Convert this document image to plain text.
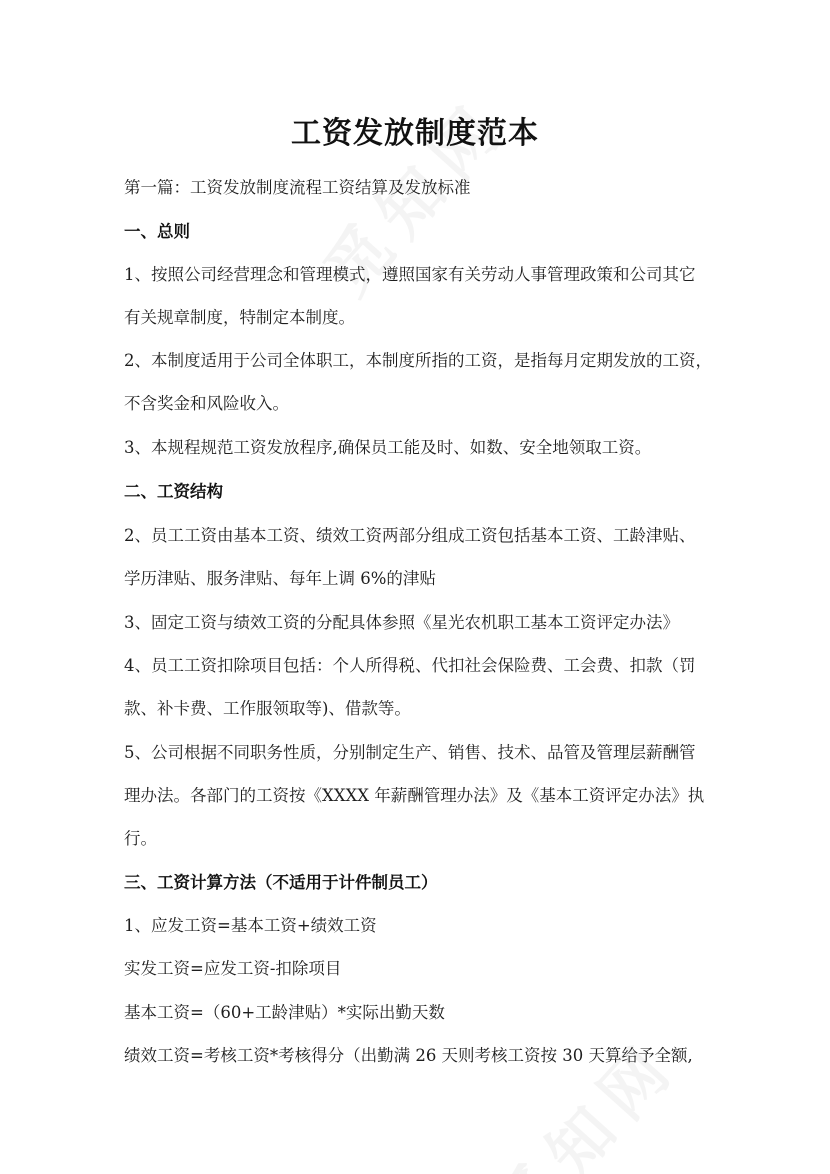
工资发放制度范本
第一篇：工资发放制度流程工资结算及发放标准
一、总则
1、按照公司经营理念和管理模式，遵照国家有关劳动人事管理政策和公司其它
有关规章制度，特制定本制度。
2、本制度适用于公司全体职工，本制度所指的工资，是指每月定期发放的工资，
不含奖金和风险收入。
3、本规程规范工资发放程序,确保员工能及时、如数、安全地领取工资。
二、工资结构
2、员工工资由基本工资、绩效工资两部分组成工资包括基本工资、工龄津贴、
学历津贴、服务津贴、每年上调 6%的津贴
3、固定工资与绩效工资的分配具体参照《星光农机职工基本工资评定办法》
4、员工工资扣除项目包括：个人所得税、代扣社会保险费、工会费、扣款（罚
款、补卡费、工作服领取等)、借款等。
5、公司根据不同职务性质，分别制定生产、销售、技术、品管及管理层薪酬管
理办法。各部门的工资按《XXXX 年薪酬管理办法》及《基本工资评定办法》执
行。
三、工资计算方法（不适用于计件制员工）
1、应发工资=基本工资+绩效工资
实发工资=应发工资-扣除项目
基本工资=（60+工龄津贴）*实际出勤天数
绩效工资=考核工资*考核得分（出勤满 26 天则考核工资按 30 天算给予全额,
